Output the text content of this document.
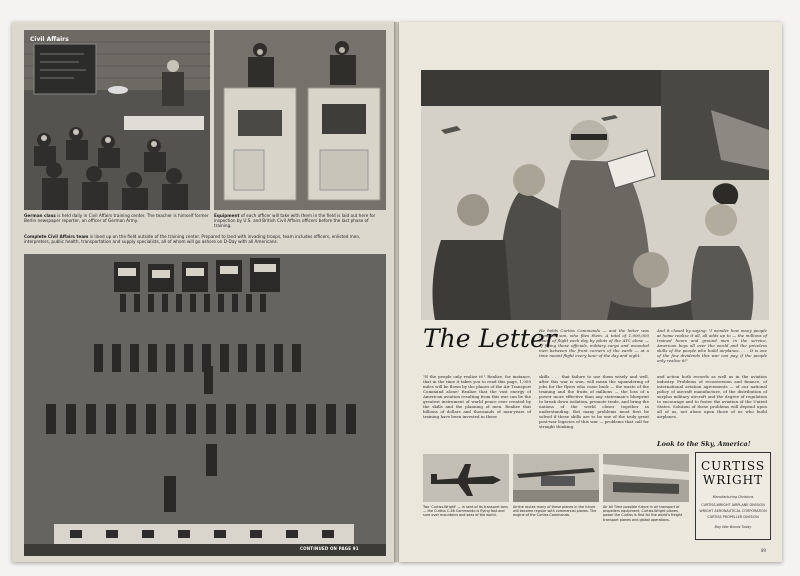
Civil Affairs
German class is held daily in Civil Affairs training center. The teacher is himself former Berlin newspaper reporter, an officer of German Army.
Equipment of each officer will take with them in the field is laid out here for inspection by U.S. and British Civil Affairs officers before the last phase of training.
Complete Civil Affairs team is lined up on the field outside of the training center. Prepared to land with invading troops, team includes officers, enlisted men, interpreters, public health, transportation and supply specialists, all of whom will go ashore on D-Day with all Americans.
CONTINUED ON PAGE 91
The Letter
He holds Curtiss Commando — and the letter was from his son, who flies them. A total of 1,000,000 hours of flight each day by pilots of the ATC alone — of flying these officials, military cargo and wounded men between the front corners of the earth — at a time meant flight every hour of the day and night.
And it closed by saying: "I wonder how many people at home realize it all, all adds up to — the millions of trained hours and ground men in the service, American boys all over the world and the priceless skills of the people who build airplanes. . . . It is one of the few dividends this war can pay, if the people only realize it!"
"If the people only realize it!" Realize, for instance, that in the time it takes you to read this page, 1,000 miles will be flown by the planes of the Air Transport Command alone! Realize that the vast energy of American aviation resulting from this war can be the greatest instrument of world peace ever created by the skills and the planning of men. Realize that billions of dollars and thousands of man-years of training have been invested in these
skills . . . that failure to use them wisely and well, after this war is won, will mean the squandering of jobs for the flyers who come back — the waste of the training and the fruits of millions — the loss of a power more effective than any statesman's blueprint to break down isolation, promote trade, and bring the nations of the world closer together in understanding. But many problems must first be solved if these skills are to be one of the truly great post-war legacies of this war — problems that call for straight thinking
and action both records as well as in the aviation industry. Problems of reconversion and finance, of international aviation agreements — of our national policy of aircraft manufacture, of the distribution of surplus military aircraft and the degree of regulation to encourage and to foster the aviation of the United States. Solution of these problems will depend upon all of us, not alone upon those of us who build airplanes.
Look to the Sky, America!
Two 'Curtiss-Wright' — in sent of its transport tons — the Curtiss C-46 Commando is flying fast and sure over mountains and seas of the world.
Airline routes many of these planes in the future will become regular with commercial planes. The engine of the Curtiss Commando.
Air All Time possible future in air transport of propellers equipment, Curtiss-Wright planes, power the Curtiss is first for the world's freight transport planes and global operations.
CURTISS WRIGHT
Manufacturing Divisions
CURTISS-WRIGHT AIRPLANE DIVISION
WRIGHT AERONAUTICAL CORPORATION
CURTISS PROPELLER DIVISION
Buy War Bonds Today
89
